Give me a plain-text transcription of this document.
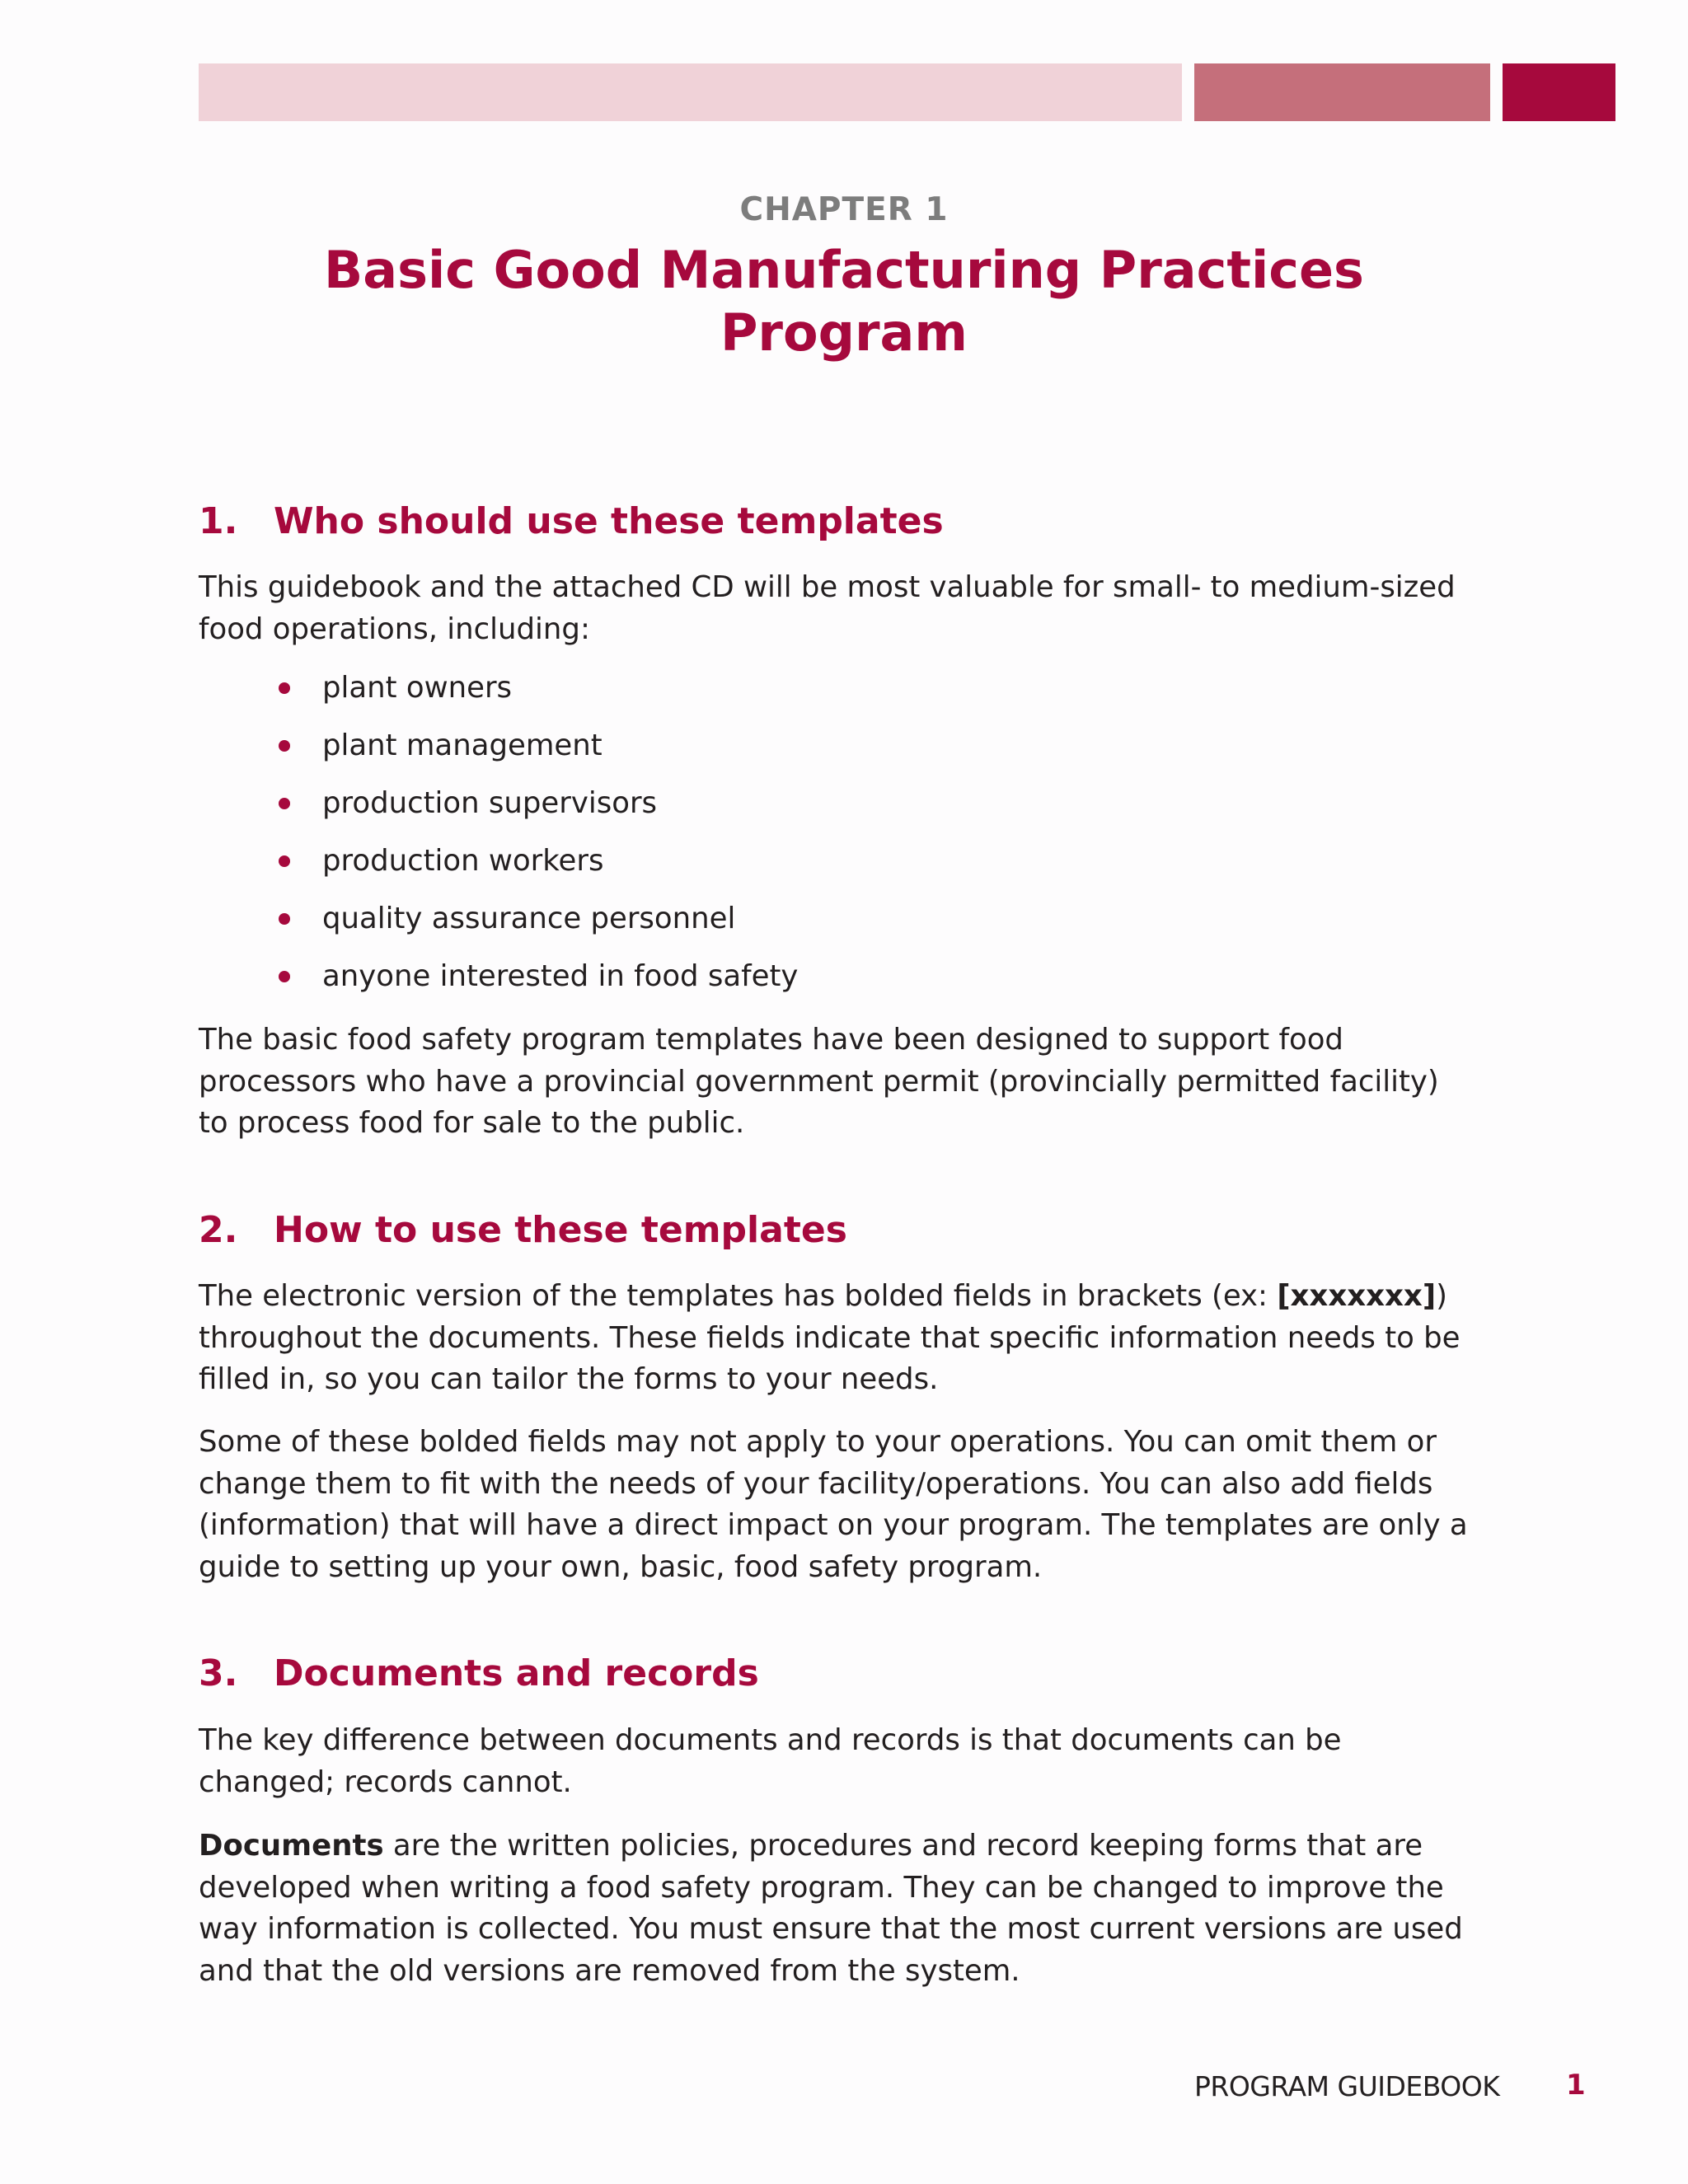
CHAPTER 1
Basic Good Manufacturing Practices
Program
1. Who should use these templates

This guidebook and the attached CD will be most valuable for small- to medium-sized food operations, including:

plant owners
plant management
production supervisors
production workers
quality assurance personnel
anyone interested in food safety

The basic food safety program templates have been designed to support food processors who have a provincial government permit (provincially permitted facility) to process food for sale to the public.

2. How to use these templates

The electronic version of the templates has bolded fields in brackets (ex: [xxxxxxx]) throughout the documents. These fields indicate that specific information needs to be filled in, so you can tailor the forms to your needs.

Some of these bolded fields may not apply to your operations. You can omit them or change them to fit with the needs of your facility/operations. You can also add fields (information) that will have a direct impact on your program. The templates are only a guide to setting up your own, basic, food safety program.

3. Documents and records

The key difference between documents and records is that documents can be changed; records cannot.

Documents are the written policies, procedures and record keeping forms that are developed when writing a food safety program. They can be changed to improve the way information is collected. You must ensure that the most current versions are used and that the old versions are removed from the system.

PROGRAM GUIDEBOOK 1
